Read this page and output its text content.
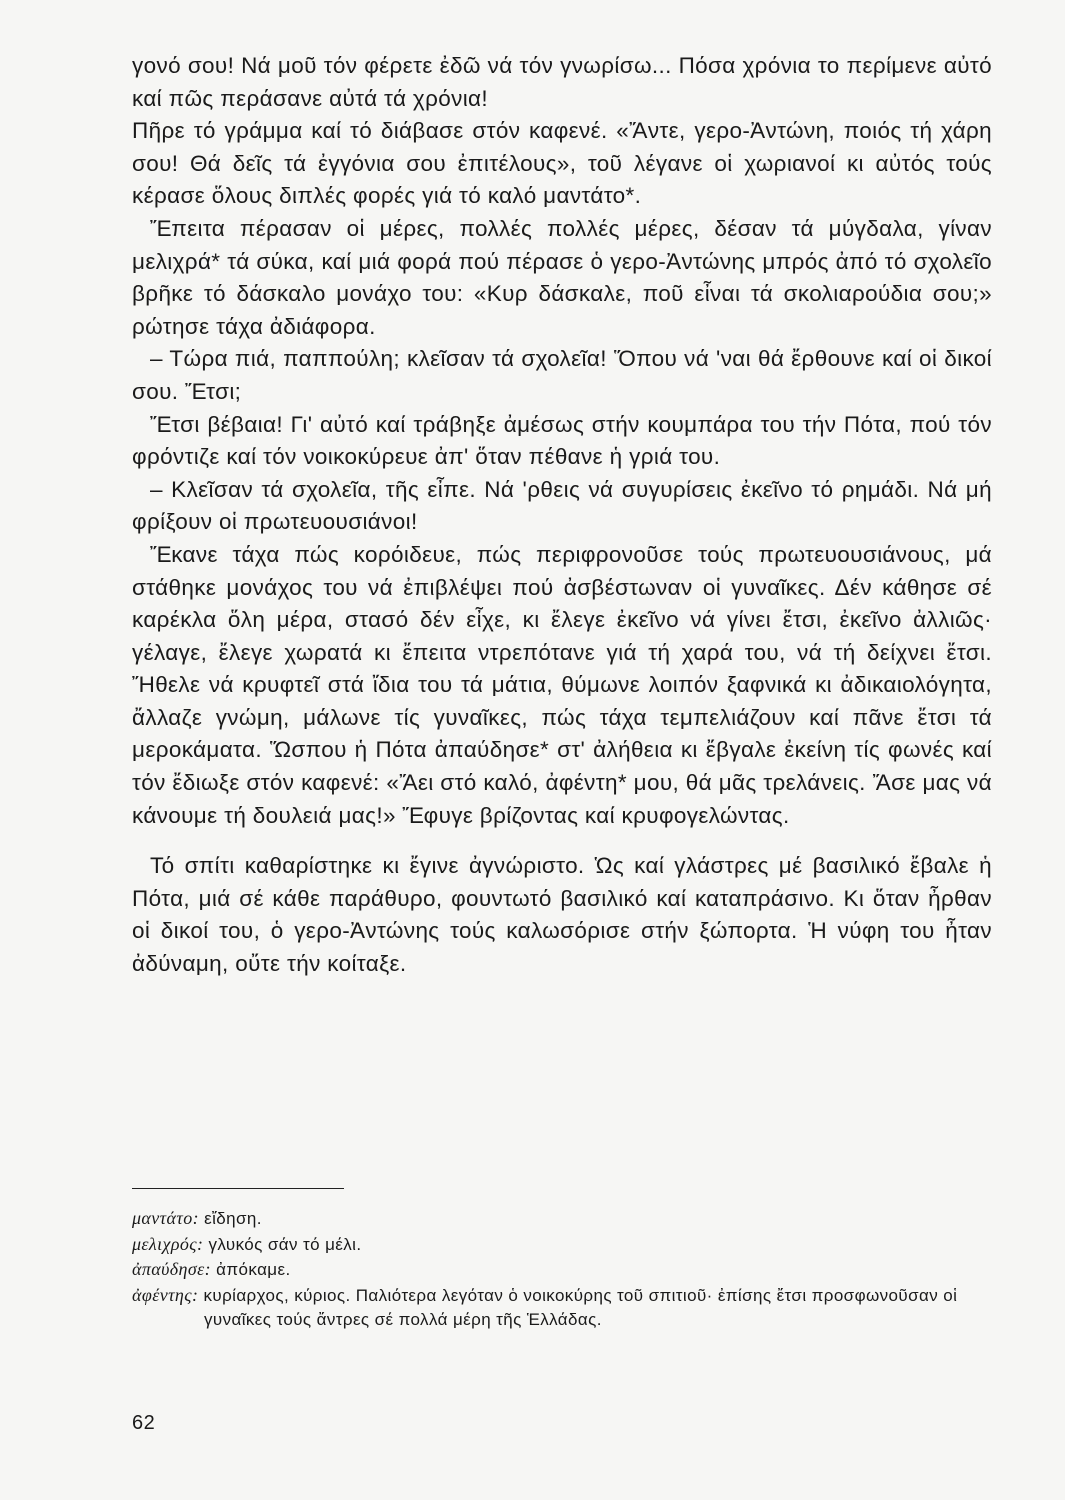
γονό σου! Νά μοῦ τόν φέρετε ἐδῶ νά τόν γνωρίσω... Πόσα χρόνια το περίμενε αὐτό καί πῶς περάσανε αὐτά τά χρόνια!

Πῆρε τό γράμμα καί τό διάβασε στόν καφενέ. «Ἄντε, γερο-Ἀντώνη, ποιός τή χάρη σου! Θά δεῖς τά ἐγγόνια σου ἐπιτέλους», τοῦ λέγανε οἱ χωριανοί κι αὐτός τούς κέρασε ὅλους διπλές φορές γιά τό καλό μαντάτο*.

Ἔπειτα πέρασαν οἱ μέρες, πολλές πολλές μέρες, δέσαν τά μύγδαλα, γίναν μελιχρά* τά σύκα, καί μιά φορά πού πέρασε ὁ γερο-Ἀντώνης μπρός ἀπό τό σχολεῖο βρῆκε τό δάσκαλο μονάχο του: «Κυρ δάσκαλε, ποῦ εἶναι τά σκολιαρούδια σου;» ρώτησε τάχα ἀδιάφορα.

– Τώρα πιά, παππούλη; κλεῖσαν τά σχολεῖα! Ὅπου νά 'ναι θά ἔρθουνε καί οἱ δικοί σου. Ἔτσι;

Ἔτσι βέβαια! Γι' αὐτό καί τράβηξε ἀμέσως στήν κουμπάρα του τήν Πότα, πού τόν φρόντιζε καί τόν νοικοκύρευε ἀπ' ὅταν πέθανε ἡ γριά του.

– Κλεῖσαν τά σχολεῖα, τῆς εἶπε. Νά 'ρθεις νά συγυρίσεις ἐκεῖνο τό ρημάδι. Νά μή φρίξουν οἱ πρωτευουσιάνοι!

Ἔκανε τάχα πώς κορόιδευε, πώς περιφρονοῦσε τούς πρωτευουσιάνους, μά στάθηκε μονάχος του νά ἐπιβλέψει πού ἀσβέστωναν οἱ γυναῖκες. Δέν κάθησε σέ καρέκλα ὅλη μέρα, στασό δέν εἶχε, κι ἔλεγε ἐκεῖνο νά γίνει ἔτσι, ἐκεῖνο ἀλλιῶς· γέλαγε, ἔλεγε χωρατά κι ἔπειτα ντρεπότανε γιά τή χαρά του, νά τή δείχνει ἔτσι. Ἤθελε νά κρυφτεῖ στά ἴδια του τά μάτια, θύμωνε λοιπόν ξαφνικά κι ἀδικαιολόγητα, ἄλλαζε γνώμη, μάλωνε τίς γυναῖκες, πώς τάχα τεμπελιάζουν καί πᾶνε ἔτσι τά μεροκάματα. Ὥσπου ἡ Πότα ἀπαύδησε* στ' ἀλήθεια κι ἔβγαλε ἐκείνη τίς φωνές καί τόν ἔδιωξε στόν καφενέ: «Ἄει στό καλό, ἀφέντη* μου, θά μᾶς τρελάνεις. Ἄσε μας νά κάνουμε τή δουλειά μας!» Ἔφυγε βρίζοντας καί κρυφογελώντας.

Τό σπίτι καθαρίστηκε κι ἔγινε ἀγνώριστο. Ὡς καί γλάστρες μέ βασιλικό ἔβαλε ἡ Πότα, μιά σέ κάθε παράθυρο, φουντωτό βασιλικό καί καταπράσινο. Κι ὅταν ἦρθαν οἱ δικοί του, ὁ γερο-Ἀντώνης τούς καλωσόρισε στήν ξώπορτα. Ἡ νύφη του ἦταν ἀδύναμη, οὔτε τήν κοίταξε.

μαντάτο: εἴδηση.

μελιχρός: γλυκός σάν τό μέλι.

ἀπαύδησε: ἀπόκαμε.

ἀφέντης: κυρίαρχος, κύριος. Παλιότερα λεγόταν ὁ νοικοκύρης τοῦ σπιτιοῦ· ἐπίσης ἔτσι προσφωνοῦσαν οἱ γυναῖκες τούς ἄντρες σέ πολλά μέρη τῆς Ἑλλάδας.

62
